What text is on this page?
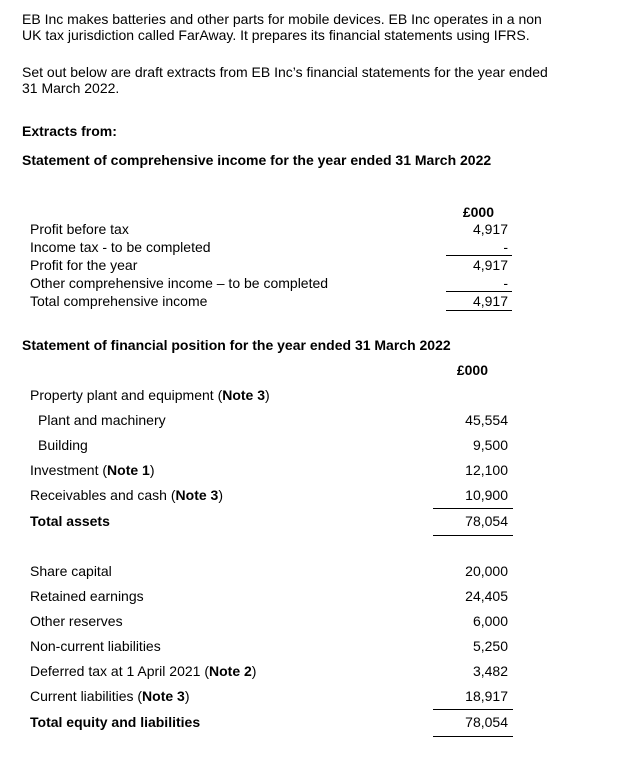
EB Inc makes batteries and other parts for mobile devices. EB Inc operates in a non

UK tax jurisdiction called FarAway. It prepares its financial statements using IFRS.

Set out below are draft extracts from EB Inc’s financial statements for the year ended

31 March 2022.

Extracts from:

Statement of comprehensive income for the year ended 31 March 2022

£000
Profit before tax	4,917
Income tax - to be completed	-
Profit for the year	4,917
Other comprehensive income – to be completed	-
Total comprehensive income	4,917

Statement of financial position for the year ended 31 March 2022

£000
Property plant and equipment (Note 3)
Plant and machinery	45,554
Building	9,500
Investment (Note 1)	12,100
Receivables and cash (Note 3)	10,900
Total assets	78,054
Share capital	20,000
Retained earnings	24,405
Other reserves	6,000
Non-current liabilities	5,250
Deferred tax at 1 April 2021 (Note 2)	3,482
Current liabilities (Note 3)	18,917
Total equity and liabilities	78,054
